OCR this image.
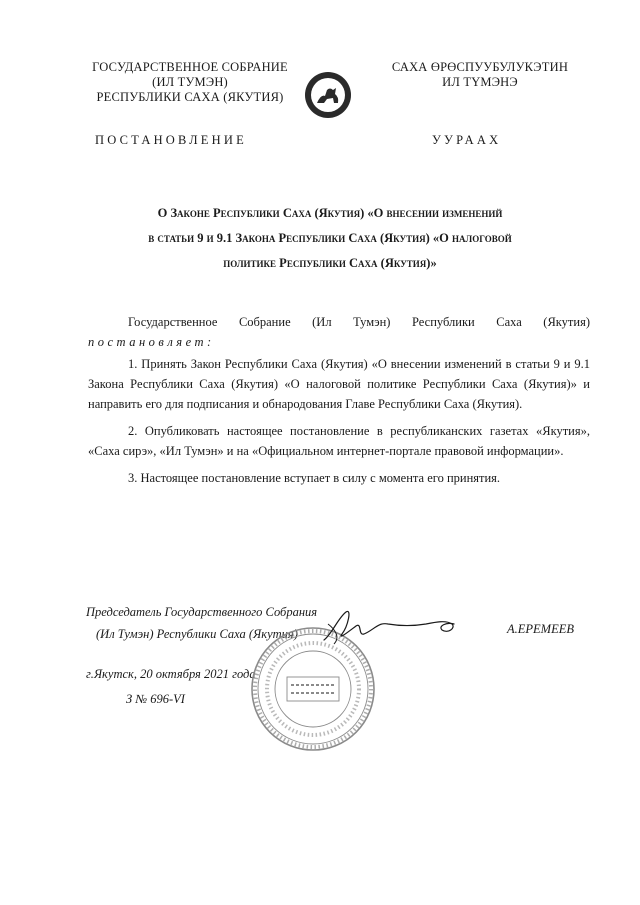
ГОСУДАРСТВЕННОЕ СОБРАНИЕ
(ИЛ ТУМЭН)
РЕСПУБЛИКИ САХА (ЯКУТИЯ)
САХА ӨРӨСПУУБУЛУКЭТИН
ИЛ ТҮМЭНЭ
ПОСТАНОВЛЕНИЕ	УУРААХ
О Законе Республики Саха (Якутия) «О внесении изменений
в статьи 9 и 9.1 Закона Республики Саха (Якутия) «О налоговой
политике Республики Саха (Якутия)»
Государственное Собрание (Ил Тумэн) Республики Саха (Якутия)
постановляет:

1. Принять Закон Республики Саха (Якутия) «О внесении изменений в статьи 9 и 9.1 Закона Республики Саха (Якутия) «О налоговой политике Республики Саха (Якутия)» и направить его для подписания и обнародования Главе Республики Саха (Якутия).

2. Опубликовать настоящее постановление в республиканских газетах «Якутия», «Саха сирэ», «Ил Тумэн» и на «Официальном интернет-портале правовой информации».

3. Настоящее постановление вступает в силу с момента его принятия.

Председатель Государственного Собрания
(Ил Тумэн) Республики Саха (Якутия)	А.ЕРЕМЕЕВ
г.Якутск, 20 октября 2021 года
З № 696-VI
